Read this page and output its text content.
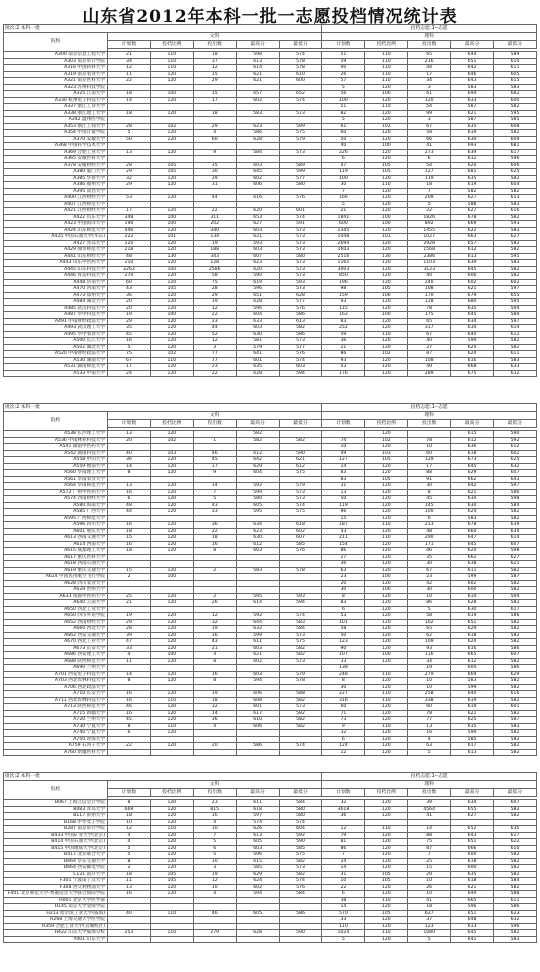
山东省2012年本科一批一志愿投档情况统计表
批次:2 本科一批						投档志愿:1--志愿				
院校	文科					理科				
	计划数	投档比例	投出数	最高分	最低分	计划数	投档比例	投出数	最高分	最低分

A300 南京信息工程大学	21	110	18	598	574	51	110	65	644	589
A303 南京审计学院	34	110	37	613	578	59	110	216	651	610
A316 中国药科大学	12	110	12	614	578	40	110	44	642	611
A319 南京农业大学	11	120	15	621	610	26	110	17	646	605
A321 南京医科大学	22	120	29	621	600	57	110	34	643	615
A323 苏州科技学院						5	120	3	583	583
A325 江南大学	18	100	15	657	652	56	100	61	694	682
A330 杭州电子科技大学	14	120	17	602	574	100	120	120	633	600
A337 浙江工业大学						51	110	54	587	582
A338 浙江理工大学	18	120	18	583	573	82	120	99	621	595
A342 温州医学院						5	120	3	587	585
A353 浙江工商大学	28	102	29	623	599	61	102	67	635	608
A354 中国计量学院	5	120	4	586	575	60	120	58	619	582
A370 安徽大学	50	120	60	628	579	50	120	66	630	609
A368 中国科学技术大学						40	100	41	693	681
A369 合肥工业大学	13	120	9	584	573	226	120	273	639	617
A365 安徽医科大学						6	120	6	612	596
A378 安徽财经大学	28	105	35	603	589	47	105	54	620	606
A380 厦门大学	29	105	30	645	599	119	105	127	681	625
A385 华侨大学	32	120	39	602	577	100	120	119	635	582
A386 福州大学	29	120	31	606	580	30	110	18	619	604
A395 南昌大学						7	120	7	582	582
A400 江西财经大学	53	120	44	616	576	166	120	209	627	613
A407 江西师范大学						5	120	5	588	583
A421 江西财经大学	17	120	22	620	601	21	120	22	627	616
A422 山东大学	348	100	311	653	574	1841	100	1826	678	582
A423 中国海洋大学	190	100	202	627	591	600	100	892	669	593
A424 山东师范大学	446	120	340	603	573	1345	120	1455	622	583
A425 中国石油大学(华东)	222	101	134	621	573	1048	101	1027	663	627
A427 青岛大学	120	120	19	593	573	2694	120	2928	657	582
A429 曲阜师范大学	218	120	188	603	573	1603	120	1568	612	582
A441 山东财经大学	48	130	343	607	580	2516	130	2386	613	595
A443 山东中医药大学	210	120	128	623	573	1165	120	1103	639	583
A445 山东科技大学	2263	100	2586	620	573	3003	120	3123	645	582
A446 青岛科技大学	270	120	58	590	573	850	120	40	606	582
A448 济南大学	60	120	75	619	593	196	120	240	602	602
A470 河南大学	43	105	28	596	573	98	105	108	621	597
A473 郑州大学	36	120	29	651	628	159	106	170	679	655
A484 湖北大学	20	120	19	628	577	93	120	128	680	595
A485 武汉科技大学	20	120	12	596	576	115	120	78	635	594
A487 华中科技大学	19	100	22	604	586	162	100	175	645	589
A491 中南财经政法大学	29	120	23	633	613	83	120	65	634	597
A493 武汉理工大学	35	120	44	603	582	252	120	317	634	614
A495 华中农业大学	45	120	52	630	586	59	110	67	640	612
A500 长江大学	16	120	12	581	573	36	120	40	599	582
A502 湖北大学	5	120	3	579	577	21	120	27	624	582
A520 中南财经政法大学	75	102	77	641	576	86	102	87	624	611
A530 湖南大学	67	110	77	601	574	93	120	108	616	583
A531 湖南师范大学	17	120	23	635	603	43	120	49	668	633
A533 中南大学	24	120	22	628	594	176	120	289	675	632
批次:2 本科一批						投档志愿:1--志愿				
院校	文科					理科				
	计划数	投档比例	投出数	最高分	最低分	计划数	投档比例	投出数	最高分	最低分

A538 长沙理工大学	13	120		582			120		615	590
A536 中南林业科技大学	20	102	1	582	582	74	102	78	612	592
A541 湖南中医药大学						10	120	10	636	612
A542 湖南科技大学	40	103	46	612	590	49	103	60	618	602
A558 中山大学	36	120	45	642	621	127	105	129	673	625
A559 暨南大学	14	120	17	629	612	14	120	17	645	632
A560 华南理工大学	8	120	9	604	575	83	120	88	629	607
A561 华南农业大学						83	105	91	662	643
A564 华南师范大学	13	120	14	592	579	31	120	30	642	597
A572 广州中医药大学	16	120	7	599	573	13	120	8	621	586
A574 西南财经大学	6	120	5	580	573	50	120	45	634	598
A580 海南大学	48	120	43	605	574	119	120	145	630	584
A585 广西大学	44	120	33	595	575	96	120	100	624	582
A595 广西师范大学						15	120	6	583	582
A596 四川大学	16	120	36	634	618	187	110	213	678	639
A601 重庆大学	18	120	22	623	602	43	120	48	660	634
A613 西南交通大学	15	120	18	630	607	211	110	290	647	614
A614 西南大学	16	120	16	612	585	154	120	171	645	607
A615 成都理工大学	18	120	8	603	576	86	120	46	620	598
A617 重庆医科大学						27	120	35	662	627
A618 西南石油大学						36	120	30	638	621
A619 重庆交通大学	15	120	2	583	578	63	120	67	611	582
A624 中国民用航空飞行学院	2	100				23	100	23	599	587
A628 四川农业大学						20	120	42	602	582
A629 贵州大学						30	100	30	600	582
A633 成都中医药大学	25	120	2	595	593	8	120	10	614	594
A640 云南大学	21	120	26	614	594	83	120	86	628	582
A650 西北工业大学						6	120	5	630	617
A650 四川外语学院	19	120	12	592	574	53	120	58	619	586
A652 西南财经大学	29	120	32	644	583	101	120	102	651	582
A660 西北大学	28	120	19	632	584	58	120	65	629	582
A662 西安交通大学	39	120	16	599	573	50	120	62	618	582
A670 西北工业大学	47	120	43	611	575	123	120	109	624	582
A673 长安大学	33	120	21	603	582	90	120	93	616	586
A686 西安理工大学	4	100	4	621	582	107	100	116	665	607
A688 陕西师范大学	11	120	8	602	573	33	120	34	612	582
A690 兰州大学						138		19	604	586
A701 西安电子科技大学	14	120	16	603	579	248	110	279	669	629
A703 西北农林科技大学	8	120	8	594	578	8	120	10	583	582
A706 西北政法大学						30	120	10	599	582
A710 长安大学	16	120	19	606	588	227	110	258	640	616
A711 西北农林科技大学	16	110	18	608	582	316	110	338	619	582
A713 陕西师范大学	46	120	32	601	573	60	120	60	619	601
A715 新疆大学	16	120	14	617	582	71	120	78	621	582
A720 兰州大学	45	120	36	610	582	73	120	77	625	587
A730 宁夏大学	8	110	4	606	582	9	110	13	615	583
A740 宁夏大学	6	120				32	120	16	599	582
A750 青海大学						6	120	4	585	582
A759 石河子大学	22	120	20	586	574	124	120	63	617	582
A760 新疆医科大学						12	120	5	613	582
批次:2 本科一批						投档志愿:1--志愿				
院校	文科					理科				
	计划数	投档比例	投出数	最高分	最低分	计划数	投档比例	投出数	最高分	最低分

B067 上海立信会计学院	8	120	23	611	584	32	120	39	634	607
B083 青岛大学	669	120	815	618	580	3618	120	4564	655	582
B117 滨州大学	18	120	16	597	580	36	120	41	627	582
B168 中华女子学院	10	120	4	574	574					
B287 南京审计学院	12	110	10	626	604	12	110	14	652	635
B433 中国矿业大学(北京)	4	120	7	613	592	79	120	88	643	617
B414 中国石油大学(北京)	4	120	5	605	590	81	120	75	651	622
B415 中国地质大学(北京)	5	120	6	603	585	86	120	87	666	610
B417 北京联合大学	5	120	5	596	575	7	120	7	600	582
B664 华东交通大学	8	120	10	615	582	24	120	25	618	582
B664 西安邮电学院	2	120	3	585	573	14	120	15	600	582
C121 南开大学	18	105	19	629	582	31	105	29	635	582
F301 宁波诺丁汉大学	11	105	12	624	574	10	105	10	618	584
F308 西交利物浦大学	13	120	10	602	576	22	120	26	621	582
F401 北京师范大学-香港浸会大学联合国际学院	16	120	4	594	584	6	120	10	649	588
H001 北京大学医学部						38	110	41	665	611
H145 南京大学金陵学院						14	120	18	596	586
H213 哈尔滨工业大学(威海)	40	110	46	605	586	570	105	627	651	623
H268 上海交通大学医学院						33	120	37	648	632
H359 合肥工业大学(宣城校区)						110	120	123	613	596
H422 山东大学威海分校	253	110	279	628	590	1024	110	1080	645	582
Y001 山东大学						5	120	5	641	583
